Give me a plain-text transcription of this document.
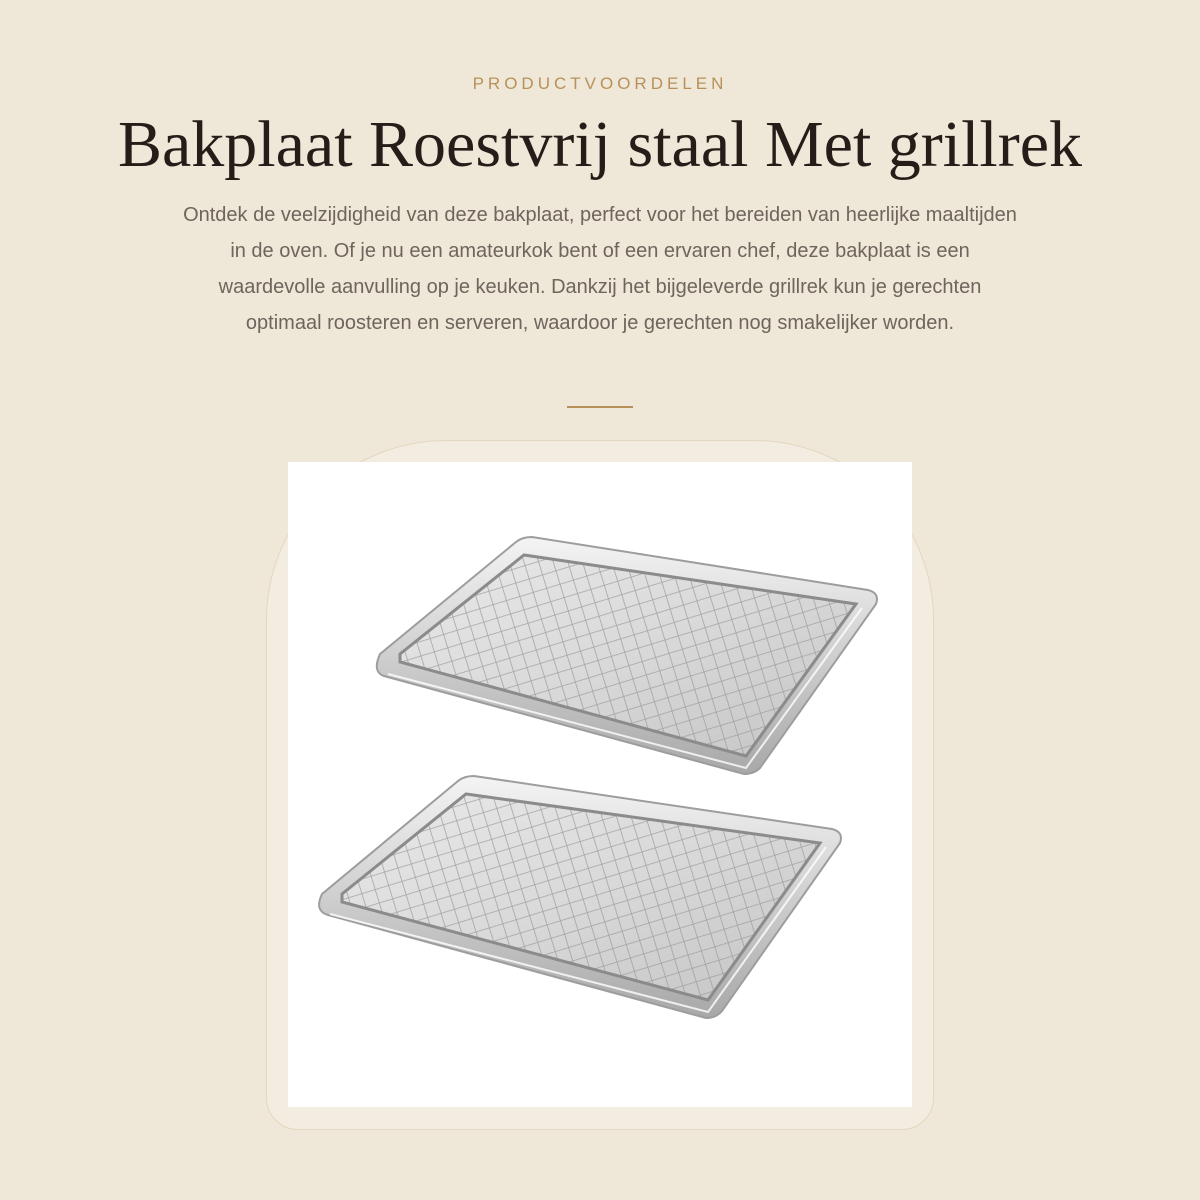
PRODUCTVOORDELEN
Bakplaat Roestvrij staal Met grillrek

Ontdek de veelzijdigheid van deze bakplaat, perfect voor het bereiden van heerlijke maaltijden in de oven. Of je nu een amateurkok bent of een ervaren chef, deze bakplaat is een waardevolle aanvulling op je keuken. Dankzij het bijgeleverde grillrek kun je gerechten optimaal roosteren en serveren, waardoor je gerechten nog smakelijker worden.
